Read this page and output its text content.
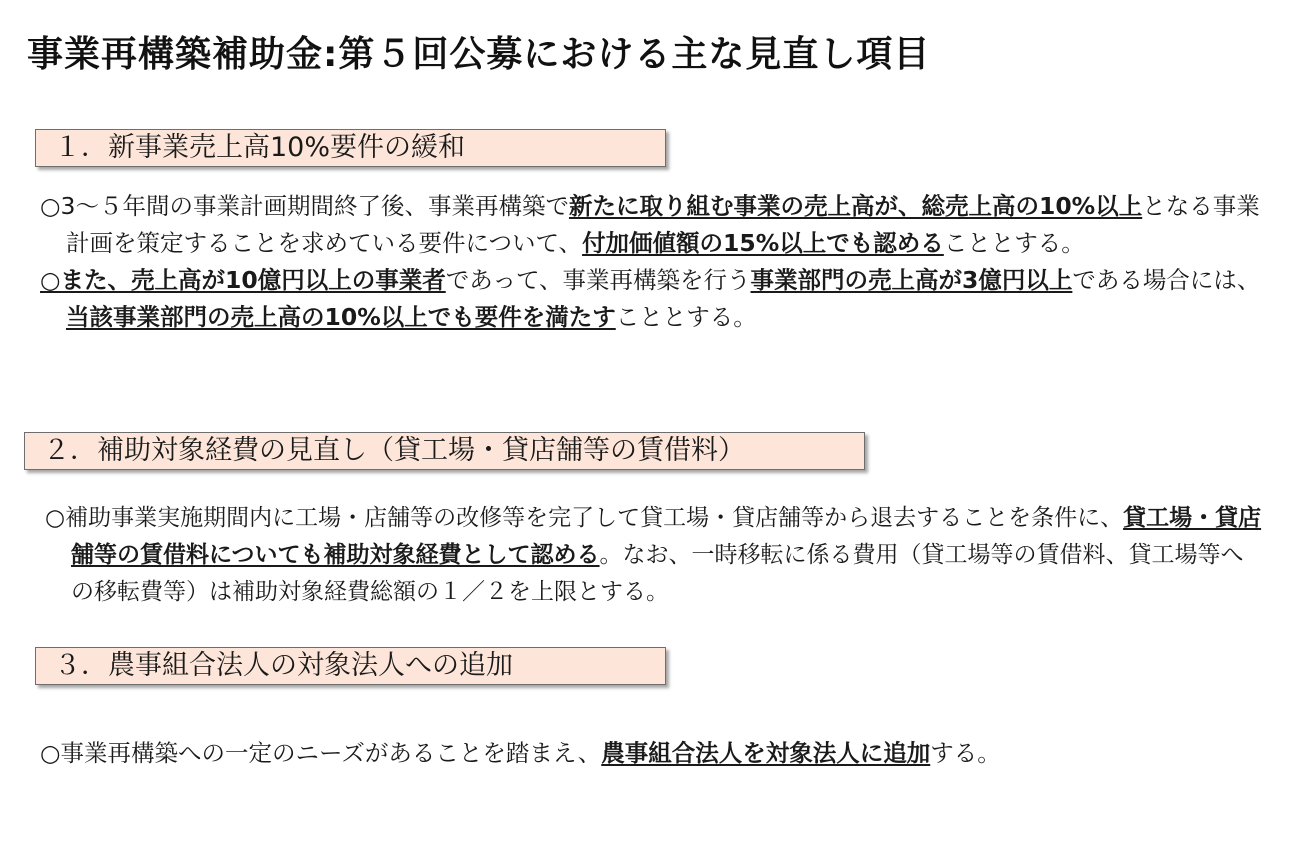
事業再構築補助金:第５回公募における主な見直し項目
１．新事業売上高10%要件の緩和

○3～５年間の事業計画期間終了後、事業再構築で新たに取り組む事業の売上高が、総売上高の10%以上となる事業計画を策定することを求めている要件について、付加価値額の15%以上でも認めることとする。

○また、売上高が10億円以上の事業者であって、事業再構築を行う事業部門の売上高が3億円以上である場合には、当該事業部門の売上高の10%以上でも要件を満たすこととする。

２．補助対象経費の見直し（貸工場・貸店舗等の賃借料）

○補助事業実施期間内に工場・店舗等の改修等を完了して貸工場・貸店舗等から退去することを条件に、貸工場・貸店舗等の賃借料についても補助対象経費として認める。なお、一時移転に係る費用（貸工場等の賃借料、貸工場等への移転費等）は補助対象経費総額の１／２を上限とする。

３．農事組合法人の対象法人への追加

○事業再構築への一定のニーズがあることを踏まえ、農事組合法人を対象法人に追加する。
